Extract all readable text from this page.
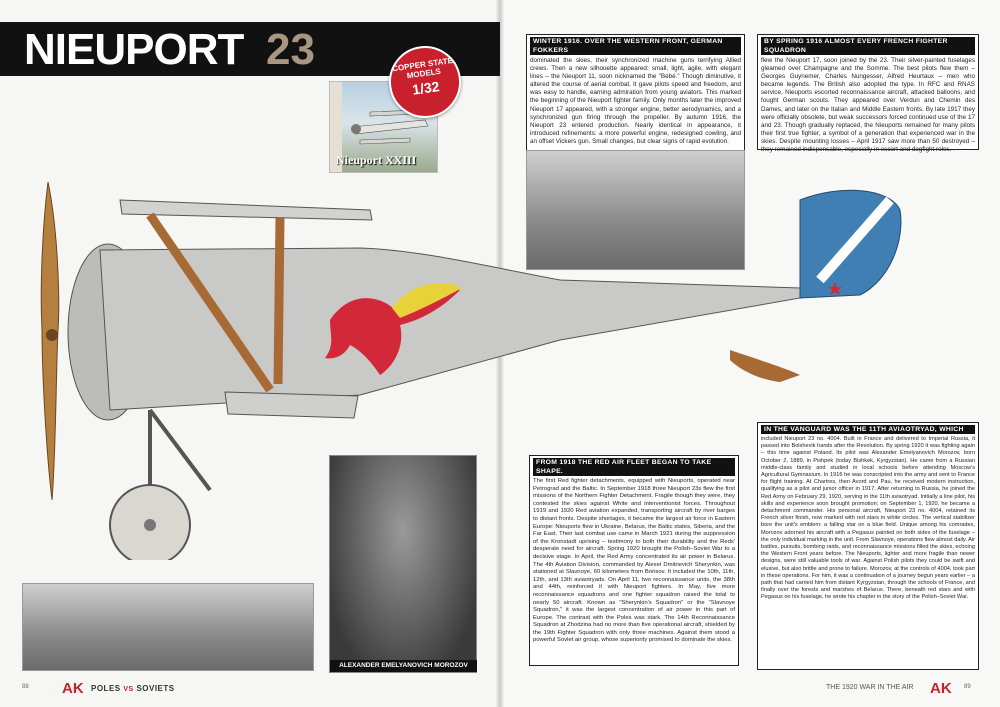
NIEUPORT 23
Nieuport XXIII
COPPER STATE MODELS
1/32
WINTER 1916. OVER THE WESTERN FRONT, GERMAN FOKKERS
dominated the skies, their synchronized machine guns terrifying Allied crews. Then a new silhouette appeared: small, light, agile, with elegant lines – the Nieuport 11, soon nicknamed the "Bébé." Though diminutive, it altered the course of aerial combat. It gave pilots speed and freedom, and was easy to handle, earning admiration from young aviators. This marked the beginning of the Nieuport fighter family. Only months later the improved Nieuport 17 appeared, with a stronger engine, better aerodynamics, and a synchronized gun firing through the propeller. By autumn 1916, the Nieuport 23 entered production. Nearly identical in appearance, it introduced refinements: a more powerful engine, redesigned cowling, and an offset Vickers gun. Small changes, but clear signs of rapid evolution.
BY SPRING 1916 ALMOST EVERY FRENCH FIGHTER SQUADRON
flew the Nieuport 17, soon joined by the 23. Their silver-painted fuselages gleamed over Champagne and the Somme. The best pilots flew them – Georges Guynemer, Charles Nungesser, Alfred Heurtaux – men who became legends. The British also adopted the type. In RFC and RNAS service, Nieuports escorted reconnaissance aircraft, attacked balloons, and fought German scouts. They appeared over Verdun and Chemin des Dames, and later on the Italian and Middle Eastern fronts. By late 1917 they were officially obsolete, but weak successors forced continued use of the 17 and 23. Though gradually replaced, the Nieuports remained for many pilots their first true fighter, a symbol of a generation that experienced war in the skies. Despite mounting losses – April 1917 saw more than 50 destroyed – they remained indispensable, especially in escort and dogfight roles.
FROM 1918 THE RED AIR FLEET BEGAN TO TAKE SHAPE.
The first Red fighter detachments, equipped with Nieuports, operated near Petrograd and the Baltic. In September 1918 three Nieuport 23s flew the first missions of the Northern Fighter Detachment. Fragile though they were, they contested the skies against White and interventionist forces. Throughout 1919 and 1920 Red aviation expanded, transporting aircraft by river barges to distant fronts. Despite shortages, it became the largest air force in Eastern Europe: Nieuports flew in Ukraine, Belarus, the Baltic states, Siberia, and the Far East. Their last combat use came in March 1921 during the suppression of the Kronstadt uprising – testimony to both their durability and the Reds' desperate need for aircraft. Spring 1920 brought the Polish–Soviet War to a decisive stage. In April, the Red Army concentrated its air power in Belarus. The 4th Aviation Division, commanded by Alexei Dmitrievich Sherynkin, was stationed at Slavnoye, 60 kilometers from Borisov. It included the 10th, 11th, 12th, and 13th aviaotryads. On April 11, two reconnaissance units, the 38th and 44th, reinforced it with Nieuport fighters. In May, five more reconnaissance squadrons and one fighter squadron raised the total to nearly 50 aircraft. Known as "Sherynkin's Squadron" or the "Slavnoye Squadron," it was the largest concentration of air power in this part of Europe. The contrast with the Poles was stark. The 14th Reconnaissance Squadron at Zhodzina had no more than five operational aircraft, shielded by the 19th Fighter Squadron with only three machines. Against them stood a powerful Soviet air group, whose superiority promised to dominate the skies.
IN THE VANGUARD WAS THE 11TH AVIAOTRYAD, WHICH
included Nieuport 23 no. 4004. Built in France and delivered to Imperial Russia, it passed into Bolshevik hands after the Revolution. By spring 1920 it was fighting again – this time against Poland. Its pilot was Alexander Emelyanovich Morozov, born October 2, 1889, in Pishpek (today Bishkek, Kyrgyzstan). He came from a Russian middle-class family and studied in local schools before attending Moscow's Agricultural Gymnasium. In 1916 he was conscripted into the army and sent to France for flight training. At Chartres, then Avord and Pau, he received modern instruction, qualifying as a pilot and junior officer in 1917. After returning to Russia, he joined the Red Army on February 29, 1920, serving in the 11th aviaotryad. Initially a line pilot, his skills and experience soon brought promotion; on September 1, 1920, he became a detachment commander. His personal aircraft, Nieuport 23 no. 4004, retained its French silver finish, now marked with red stars in white circles. The vertical stabilizer bore the unit's emblem: a falling star on a blue field. Unique among his comrades, Morozov adorned his aircraft with a Pegasus painted on both sides of the fuselage – the only individual marking in the unit. From Slavnoye, operations flew almost daily. Air battles, pursuits, bombing raids, and reconnaissance missions filled the skies, echoing the Western Front years before. The Nieuports, lighter and more fragile than newer designs, were still valuable tools of war. Against Polish pilots they could be swift and elusive, but also brittle and prone to failure. Morozov, at the controls of 4004, took part in these operations. For him, it was a continuation of a journey begun years earlier – a path that had carried him from distant Kyrgyzstan, through the schools of France, and finally over the forests and marshes of Belarus. There, beneath red stars and with Pegasus on his fuselage, he wrote his chapter in the story of the Polish–Soviet War.
ALEXANDER EMELYANOVICH MOROZOV
88 AK POLES VS SOVIETS	THE 1920 WAR IN THE AIR AK 89
